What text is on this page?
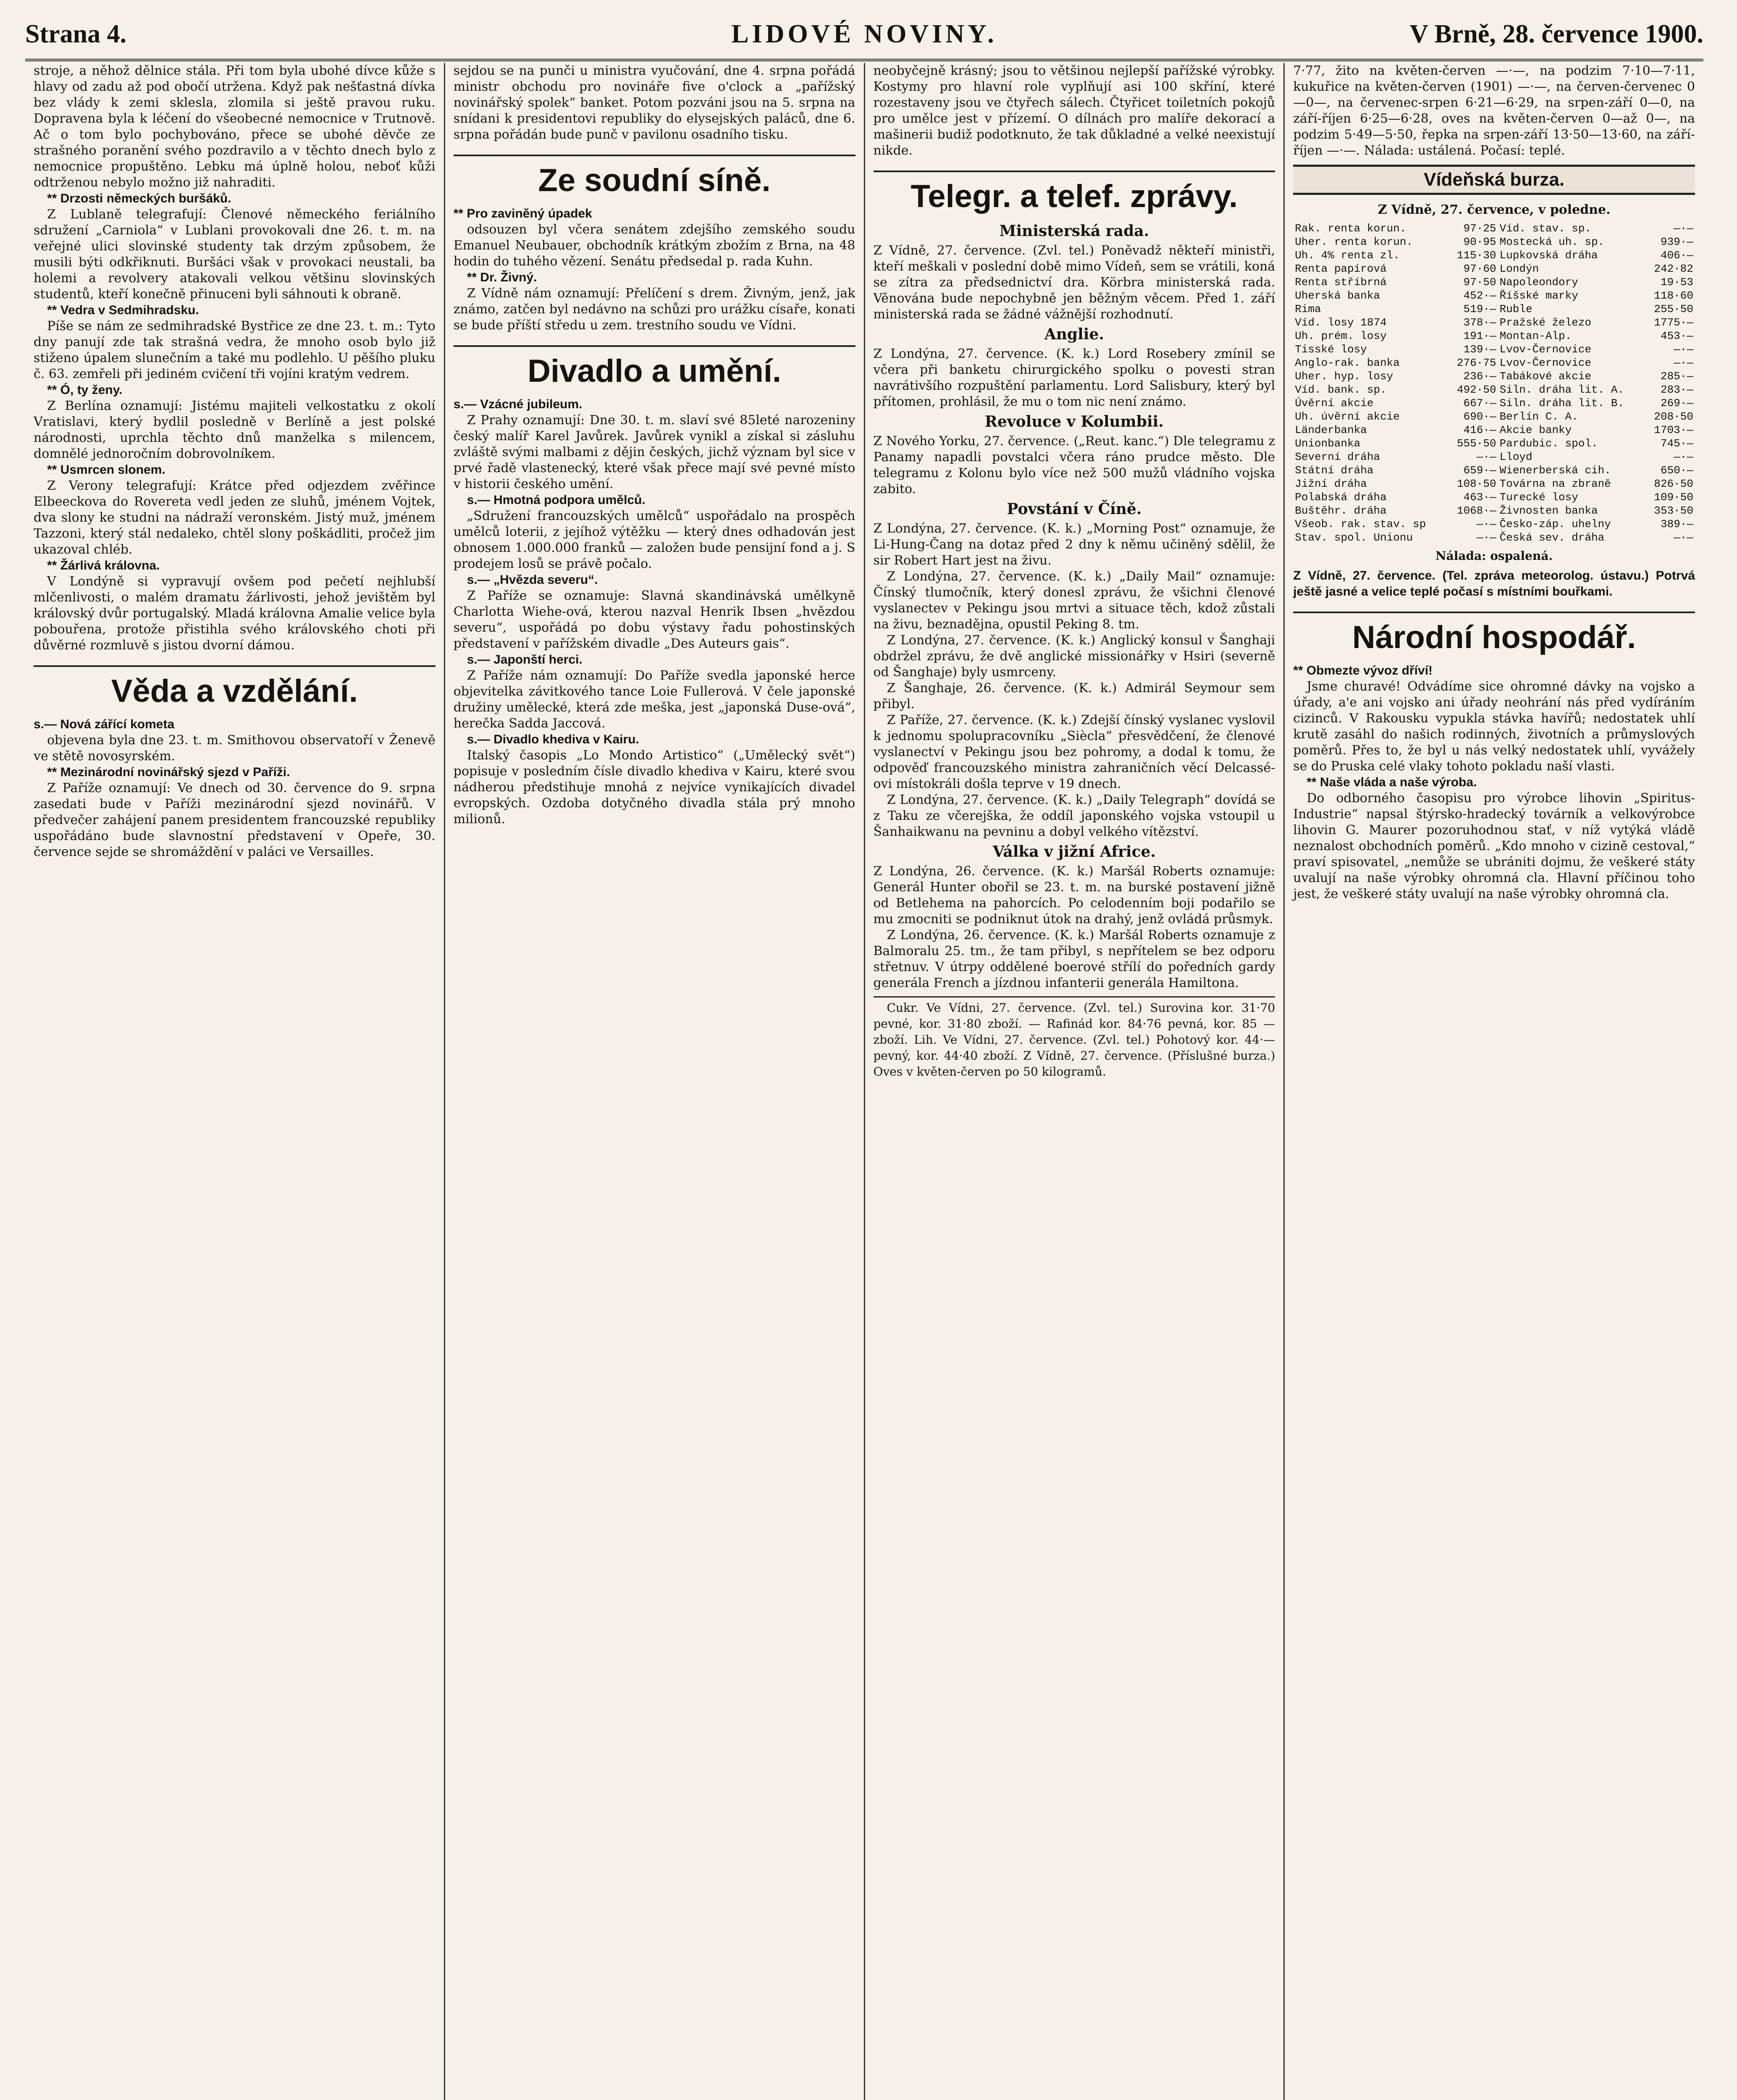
Strana 4.	LIDOVÉ NOVINY.	V Brně, 28. července 1900.

stroje, a něhož dělnice stála. Při tom byla ubohé dívce kůže s hlavy od zadu až pod obočí utržena. Když pak nešťastná dívka bez vlády k zemi sklesla, zlomila si ještě pravou ruku. Dopravena byla k léčení do všeobecné nemocnice v Trutnově. Ač o tom bylo pochybováno, přece se ubohé děvče ze strašného poranění svého pozdravilo a v těchto dnech bylo z nemocnice propuštěno. Lebku má úplně holou, neboť kůži odtrženou nebylo možno již nahraditi.

** Drzosti německých buršáků.

Z Lublaně telegrafují: Členové německého feriálního sdružení „Carniola“ v Lublani provokovali dne 26. t. m. na veřejné ulici slovinské studenty tak drzým způsobem, že musili býti odkřiknuti. Buršáci však v provokaci neustali, ba holemi a revolvery atakovali velkou většinu slovinských studentů, kteří konečně přinuceni byli sáhnouti k obraně.

** Vedra v Sedmihradsku.

Píše se nám ze sedmihradské Bystřice ze dne 23. t. m.: Tyto dny panují zde tak strašná vedra, že mnoho osob bylo již stiženo úpalem slunečním a také mu podlehlo. U pěšího pluku č. 63. zemřeli při jediném cvičení tři vojíni kratým vedrem.

** Ó, ty ženy.

Z Berlína oznamují: Jistému majiteli velkostatku z okolí Vratislavi, který bydlil posledně v Berlíně a jest polské národnosti, uprchla těchto dnů manželka s milencem, domnělé jednoročním dobrovolníkem.

** Usmrcen slonem.

Z Verony telegrafují: Krátce před odjezdem zvěřince Elbeeckova do Rovereta vedl jeden ze sluhů, jménem Vojtek, dva slony ke studni na nádraží veronském. Jistý muž, jménem Tazzoni, který stál nedaleko, chtěl slony poškádliti, pročež jim ukazoval chléb.

** Žárlivá královna.

V Londýně si vypravují ovšem pod pečetí nejhlubší mlčenlivosti, o malém dramatu žárlivosti, jehož jevištěm byl královský dvůr portugalský. Mladá královna Amalie velice byla pobouřena, protože přistihla svého královského choti při důvěrné rozmluvě s jistou dvorní dámou.

Věda a vzdělání.

s.— Nová zářící kometa

objevena byla dne 23. t. m. Smithovou observatoří v Ženevě ve stětě novosyrském.

** Mezinárodní novinářský sjezd v Paříži.

Z Paříže oznamují: Ve dnech od 30. července do 9. srpna zasedati bude v Paříži mezinárodní sjezd novinářů. V předvečer zahájení panem presidentem francouzské republiky uspořádáno bude slavnostní představení v Opeře, 30. července sejde se shromáždění v paláci ve Versailles.

sejdou se na punči u ministra vyučování, dne 4. srpna pořádá ministr obchodu pro novináře five o'clock a „pařížský novinářský spolek“ banket. Potom pozváni jsou na 5. srpna na snídani k presidentovi republiky do elysejských paláců, dne 6. srpna pořádán bude punč v pavilonu osadního tisku.

Ze soudní síně.

** Pro zaviněný úpadek

odsouzen byl včera senátem zdejšího zemského soudu Emanuel Neubauer, obchodník krátkým zbožím z Brna, na 48 hodin do tuhého vězení. Senátu předsedal p. rada Kuhn.

** Dr. Živný.

Z Vídně nám oznamují: Přelíčení s drem. Živným, jenž, jak známo, zatčen byl nedávno na schůzi pro urážku císaře, konati se bude příští středu u zem. trestního soudu ve Vídni.

Divadlo a umění.

s.— Vzácné jubileum.

Z Prahy oznamují: Dne 30. t. m. slaví své 85leté narozeniny český malíř Karel Javůrek. Javůrek vynikl a získal si zásluhu zvláště svými malbami z dějin českých, jichž význam byl sice v prvé řadě vlastenecký, které však přece mají své pevné místo v historii českého umění.

s.— Hmotná podpora umělců.

„Sdružení francouzských umělců“ uspořádalo na prospěch umělců loterii, z jejíhož výtěžku — který dnes odhadován jest obnosem 1.000.000 franků — založen bude pensijní fond a j. S prodejem losů se právě počalo.

s.— „Hvězda severu“.

Z Paříže se oznamuje: Slavná skandinávská umělkyně Charlotta Wiehe-ová, kterou nazval Henrik Ibsen „hvězdou severu“, uspořádá po dobu výstavy řadu pohostinských představení v pařížském divadle „Des Auteurs gais“.

s.— Japonští herci.

Z Paříže nám oznamují: Do Paříže svedla japonské herce objevitelka závitkového tance Loie Fullerová. V čele japonské družiny umělecké, která zde meška, jest „japonská Duse-ová“, herečka Sadda Jaccová.

s.— Divadlo khediva v Kairu.

Italský časopis „Lo Mondo Artistico“ („Umělecký svět“) popisuje v posledním čísle divadlo khediva v Kairu, které svou nádherou předstihuje mnohá z nejvíce vynikajících divadel evropských. Ozdoba dotyčného divadla stála prý mnoho milionů.

neobyčejně krásný; jsou to většinou nejlepší pařížské výrobky. Kostymy pro hlavní role vyplňují asi 100 skříní, které rozestaveny jsou ve čtyřech sálech. Čtyřicet toiletních pokojů pro umělce jest v přízemí. O dílnách pro malíře dekorací a mašinerii budiž podotknuto, že tak důkladné a velké neexistují nikde.

Telegr. a telef. zprávy.
Ministerská rada.

Z Vídně, 27. července. (Zvl. tel.) Poněvadž někteří ministři, kteří meškali v poslední době mimo Vídeň, sem se vrátili, koná se zítra za předsednictví dra. Körbra ministerská rada. Věnována bude nepochybně jen běžným věcem. Před 1. září ministerská rada se žádné vážnější rozhodnutí.

Anglie.

Z Londýna, 27. července. (K. k.) Lord Rosebery zmínil se včera při banketu chirurgického spolku o povesti stran navrátivšího rozpuštění parlamentu. Lord Salisbury, který byl přítomen, prohlásil, že mu o tom nic není známo.

Revoluce v Kolumbii.

Z Nového Yorku, 27. července. („Reut. kanc.“) Dle telegramu z Panamy napadli povstalci včera ráno prudce město. Dle telegramu z Kolonu bylo více než 500 mužů vládního vojska zabito.

Povstání v Číně.

Z Londýna, 27. července. (K. k.) „Morning Post“ oznamuje, že Li-Hung-Čang na dotaz před 2 dny k němu učiněný sdělil, že sir Robert Hart jest na živu.

Z Londýna, 27. července. (K. k.) „Daily Mail“ oznamuje: Čínský tlumočník, který donesl zprávu, že všichni členové vyslanectev v Pekingu jsou mrtvi a situace těch, kdož zůstali na živu, beznadějna, opustil Peking 8. tm.

Z Londýna, 27. července. (K. k.) Anglický konsul v Šanghaji obdržel zprávu, že dvě anglické missionářky v Hsiri (severně od Šanghaje) byly usmrceny.

Z Šanghaje, 26. července. (K. k.) Admirál Seymour sem přibyl.

Z Paříže, 27. července. (K. k.) Zdejší čínský vyslanec vyslovil k jednomu spolupracovníku „Siècla“ přesvědčení, že členové vyslanectví v Pekingu jsou bez pohromy, a dodal k tomu, že odpověď francouzského ministra zahraničních věcí Delcassé-ovi místokráli došla teprve v 19 dnech.

Z Londýna, 27. července. (K. k.) „Daily Telegraph“ dovídá se z Taku ze včerejška, že oddíl japonského vojska vstoupil u Šanhaikwanu na pevninu a dobyl velkého vítězství.

Válka v jižní Africe.

Z Londýna, 26. července. (K. k.) Maršál Roberts oznamuje: Generál Hunter obořil se 23. t. m. na burské postavení jižně od Betlehema na pahorcích. Po celodenním boji podařilo se mu zmocniti se podniknut útok na drahý, jenž ovládá průsmyk.

Z Londýna, 26. července. (K. k.) Maršál Roberts oznamuje z Balmoralu 25. tm., že tam přibyl, s nepřítelem se bez odporu střetnuv. V útrpy oddělené boerové střílí do poředních gardy generála French a jízdnou infanterii generála Hamiltona.

Cukr. Ve Vídni, 27. července. (Zvl. tel.) Surovina kor. 31·70 pevné, kor. 31·80 zboží. — Rafinád kor. 84·76 pevná, kor. 85 — zboží. Lih. Ve Vídni, 27. července. (Zvl. tel.) Pohotový kor. 44·— pevný, kor. 44·40 zboží. Z Vídně, 27. července. (Příslušné burza.) Oves v květen-červen po 50 kilogramů.

7·77, žito na květen-červen —·—, na podzim 7·10—7·11, kukuřice na květen-červen (1901) —·—, na červen-červenec 0—0—, na červenec-srpen 6·21—6·29, na srpen-září 0—0, na září-říjen 6·25—6·28, oves na květen-červen 0—až 0—, na podzim 5·49—5·50, řepka na srpen-září 13·50—13·60, na září-říjen —·—. Nálada: ustálená. Počasí: teplé.

Vídeňská burza.
Z Vídně, 27. července, v poledne.
Rak. renta korun.	97·25	Víd. stav. sp.	—·—
Uher. renta korun.	90·95	Mostecká uh. sp.	939·—
Uh. 4% renta zl.	115·30	Lupkovská dráha	406·—
Renta papírová	97·60	Londýn	242·82
Renta stříbrná	97·50	Napoleondory	19·53
Uherská banka	452·—	Říšské marky	118·60
Rima	519·—	Ruble	255·50
Víd. losy 1874	378·—	Pražské železo	1775·—
Uh. prém. losy	191·—	Montan-Alp.	453·—
Tisské losy	139·—	Lvov-Černovice	—·—
Anglo-rak. banka	276·75	Lvov-Černovice	—·—
Uher. hyp. losy	236·—	Tabákové akcie	285·—
Víd. bank. sp.	492·50	Siln. dráha lit. A.	283·—
Úvěrní akcie	667·—	Siln. dráha lit. B.	269·—
Uh. úvěrní akcie	690·—	Berlín C. A.	208·50
Länderbanka	416·—	Akcie banky	1703·—
Unionbanka	555·50	Pardubic. spol.	745·—
Severní dráha	—·—	Lloyd	—·—
Státní dráha	659·—	Wienerberská cih.	650·—
Jižní dráha	108·50	Továrna na zbraně	826·50
Polabská dráha	463·—	Turecké losy	109·50
Buštěhr. dráha	1068·—	Živnosten banka	353·50
Všeob. rak. stav. sp	—·—	Česko-záp. uhelny	389·—
Stav. spol. Unionu	—·—	Česká sev. dráha	—·—
Nálada: ospalená.

Z Vídně, 27. července. (Tel. zpráva meteorolog. ústavu.) Potrvá ještě jasné a velice teplé počasí s místními bouřkami.

Národní hospodář.

** Obmezte vývoz dříví!

Jsme churavé! Odvádíme sice ohromné dávky na vojsko a úřady, a'e ani vojsko ani úřady neohrání nás před vydíráním cizinců. V Rakousku vypukla stávka havířů; nedostatek uhlí krutě zasáhl do našich rodinných, životních a průmyslových poměrů. Přes to, že byl u nás velký nedostatek uhlí, vyvážely se do Pruska celé vlaky tohoto pokladu naší vlasti.

** Naše vláda a naše výroba.

Do odborného časopisu pro výrobce lihovin „Spiritus-Industrie“ napsal štýrsko-hradecký továrník a velkovýrobce lihovin G. Maurer pozoruhodnou stať, v níž vytýká vládě neznalost obchodních poměrů. „Kdo mnoho v cizině cestoval,“ praví spisovatel, „nemůže se ubrániti dojmu, že veškeré státy uvalují na naše výrobky ohromná cla. Hlavní příčinou toho jest, že veškeré státy uvalují na naše výrobky ohromná cla.
